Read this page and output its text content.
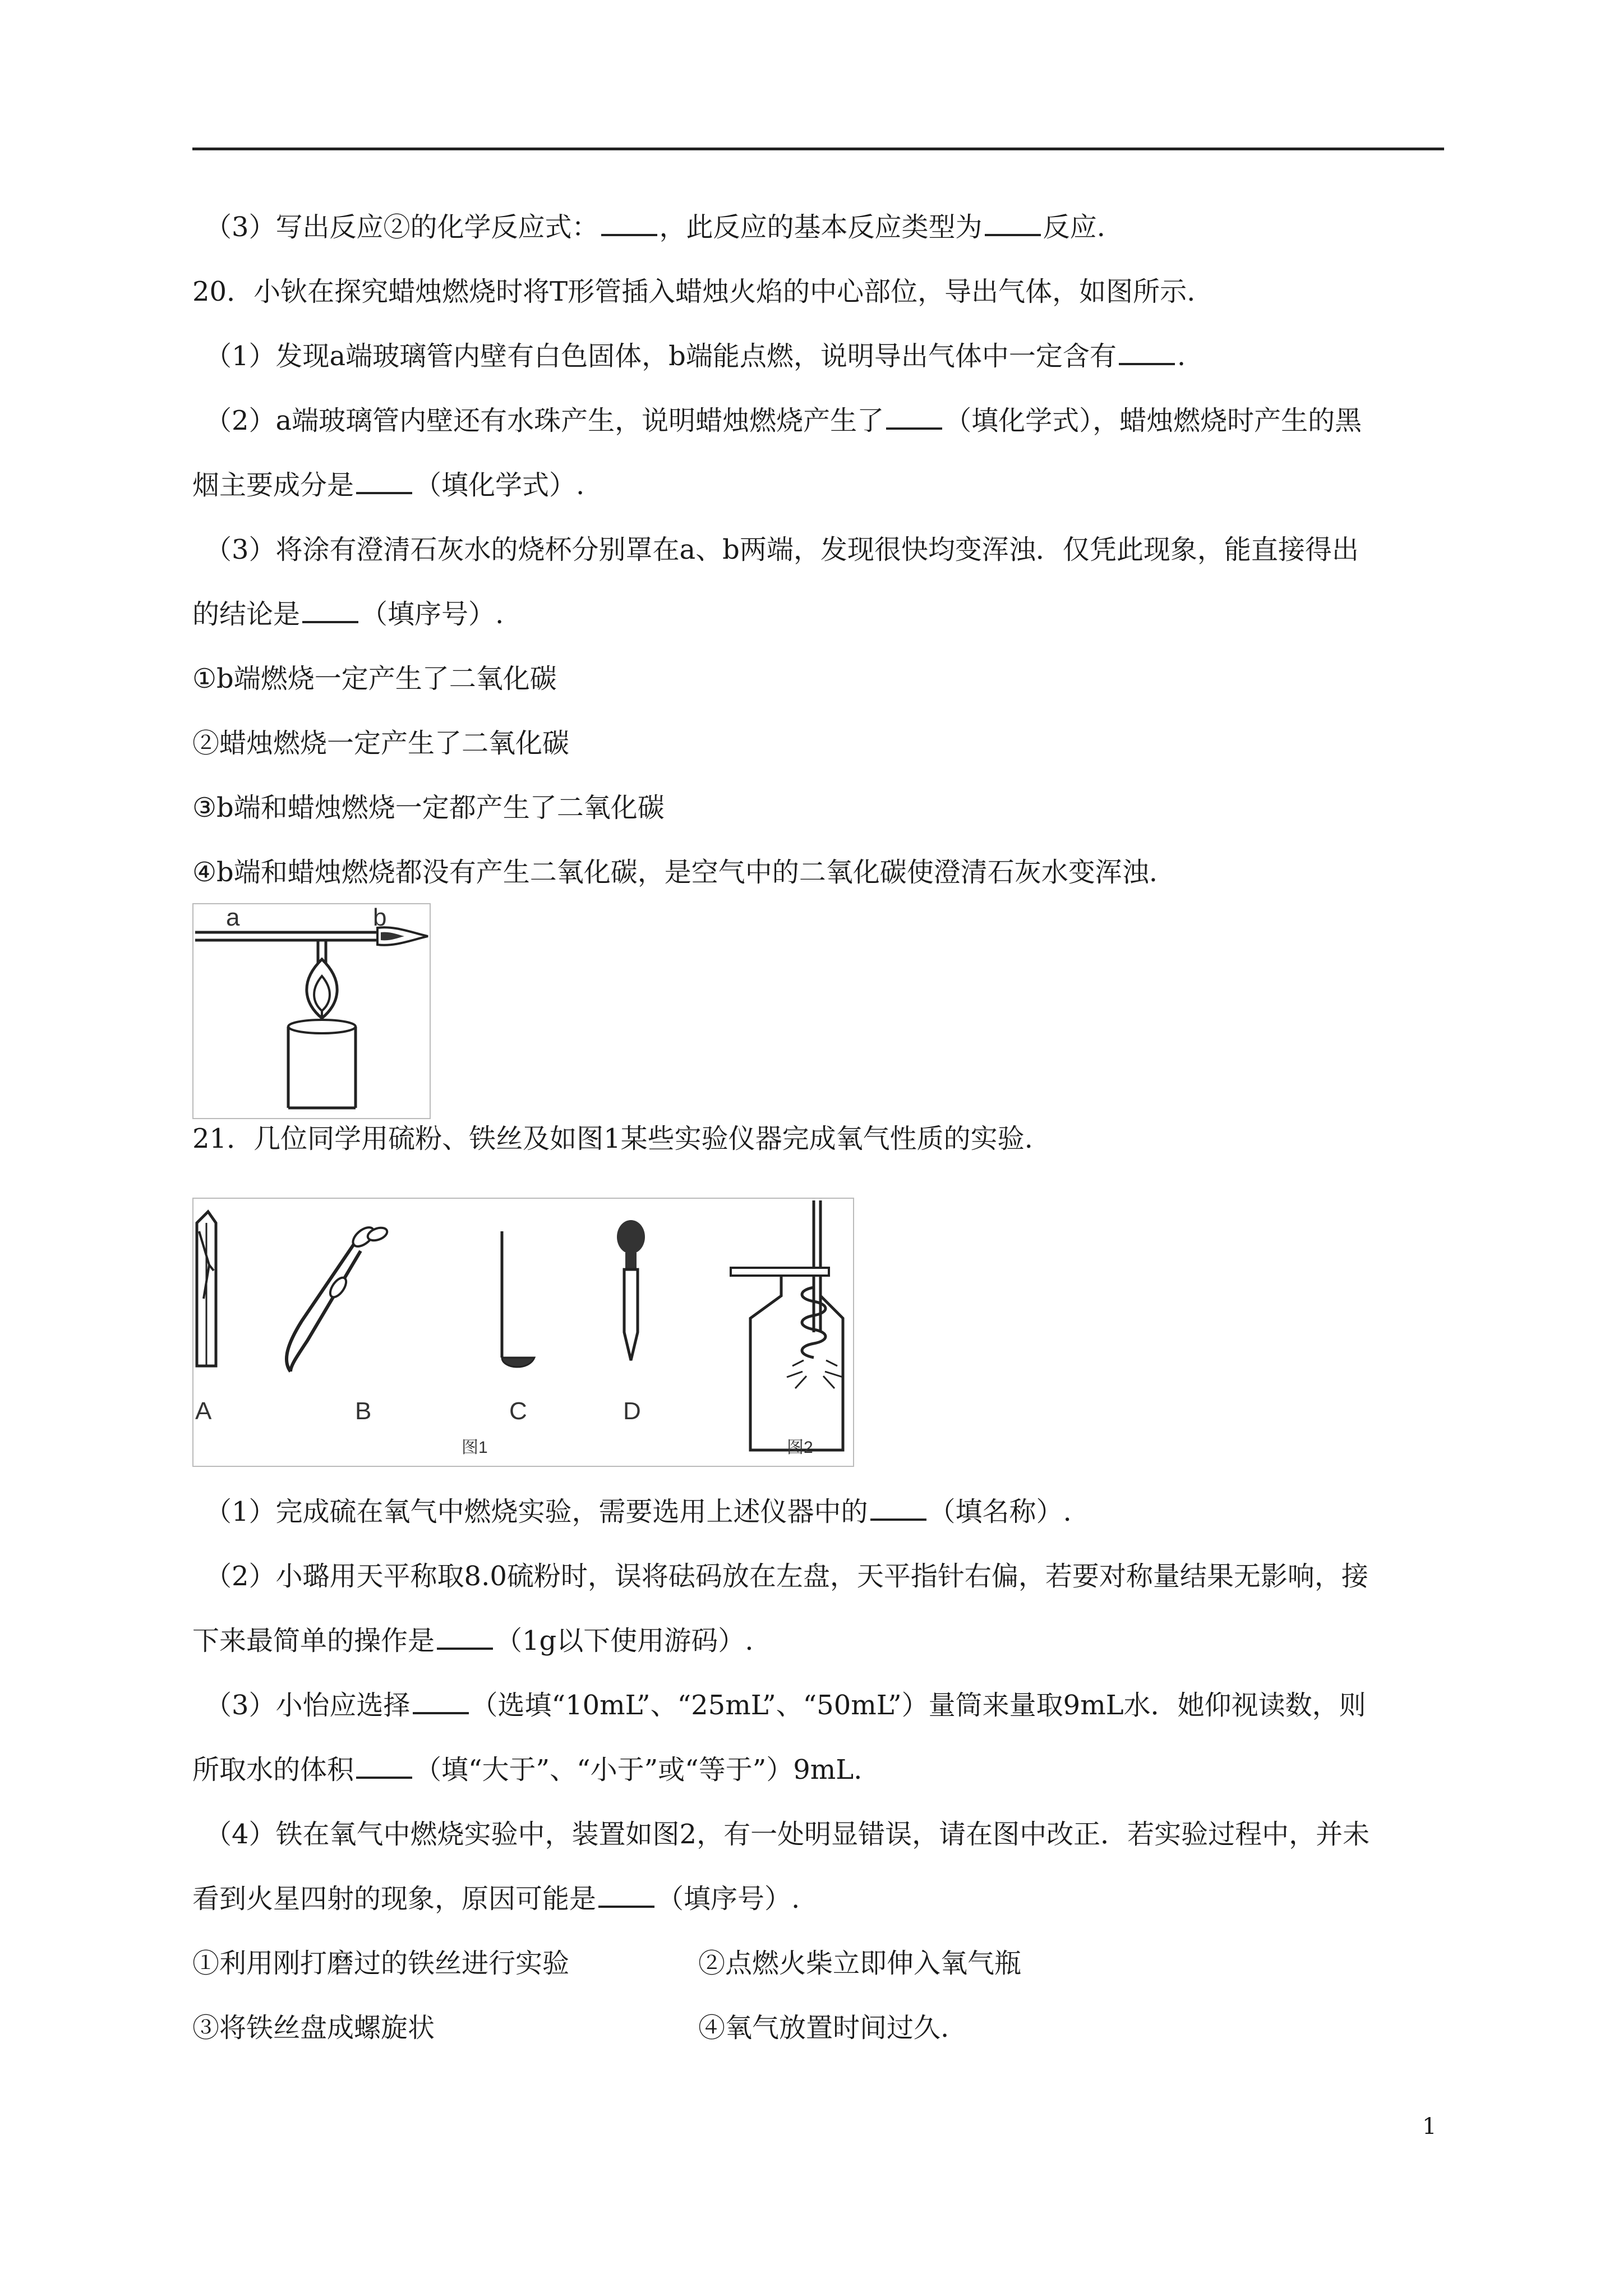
（3）写出反应②的化学反应式： ，此反应的基本反应类型为 反应.
20．小钬在探究蜡烛燃烧时将T形管插入蜡烛火焰的中心部位，导出气体，如图所示.
（1）发现a端玻璃管内壁有白色固体，b端能点燃，说明导出气体中一定含有 .
（2）a端玻璃管内壁还有水珠产生，说明蜡烛燃烧产生了 （填化学式），蜡烛燃烧时产生的黑
烟主要成分是 （填化学式）.
（3）将涂有澄清石灰水的烧杯分别罩在a、b两端，发现很快均变浑浊．仅凭此现象，能直接得出
的结论是 （填序号）.
①b端燃烧一定产生了二氧化碳
②蜡烛燃烧一定产生了二氧化碳
③b端和蜡烛燃烧一定都产生了二氧化碳
④b端和蜡烛燃烧都没有产生二氧化碳，是空气中的二氧化碳使澄清石灰水变浑浊.
a	b
21．几位同学用硫粉、铁丝及如图1某些实验仪器完成氧气性质的实验.
A	B	C	D
图1	图2
（1）完成硫在氧气中燃烧实验，需要选用上述仪器中的 （填名称）.
（2）小璐用天平称取8.0硫粉时，误将砝码放在左盘，天平指针右偏，若要对称量结果无影响，接
下来最简单的操作是 （1g以下使用游码）.
（3）小怡应选择 （选填“10mL”、“25mL”、“50mL”）量筒来量取9mL水．她仰视读数，则
所取水的体积 （填“大于”、“小于”或“等于”）9mL.
（4）铁在氧气中燃烧实验中，装置如图2，有一处明显错误，请在图中改正．若实验过程中，并未
看到火星四射的现象，原因可能是 （填序号）.
①利用刚打磨过的铁丝进行实验	②点燃火柴立即伸入氧气瓶
③将铁丝盘成螺旋状	④氧气放置时间过久.
1
